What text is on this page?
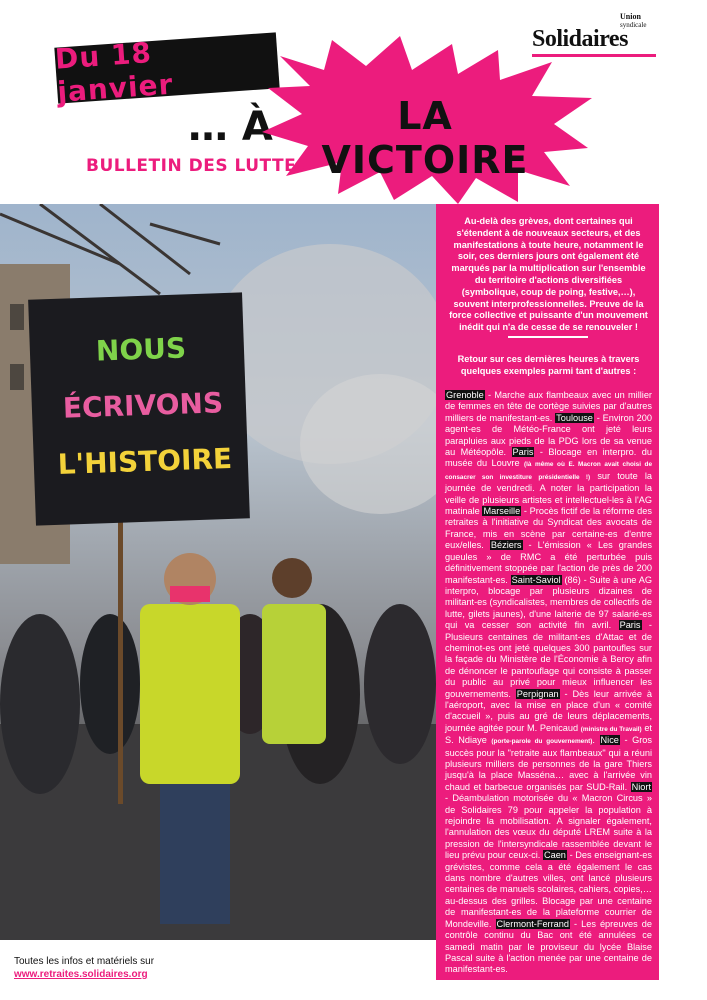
Du 18 janvier
… À	LA VICTOIRE
BULLETIN DES LUTTES
Union
syndicale
Solidaires
NOUS
ÉCRIVONS
L'HISTOIRE
Toutes les infos et matériels sur
www.retraites.solidaires.org
Au-delà des grèves, dont certaines qui s'étendent à de nouveaux secteurs, et des manifestations à toute heure, notamment le soir, ces derniers jours ont également été marqués par la multiplication sur l'ensemble du territoire d'actions diversifiées (symbolique, coup de poing, festive,…), souvent interprofessionnelles. Preuve de la force collective et puissante d'un mouvement inédit qui n'a de cesse de se renouveler !
Retour sur ces dernières heures à travers quelques exemples parmi tant d'autres :
Grenoble - Marche aux flambeaux avec un millier de femmes en tête de cortège suivies par d'autres milliers de manifestant-es. Toulouse - Environ 200 agent-es de Météo-France ont jeté leurs parapluies aux pieds de la PDG lors de sa venue au Météopôle. Paris - Blocage en interpro. du musée du Louvre (là même où E. Macron avait choisi de consacrer son investiture présidentielle !) sur toute la journée de vendredi. A noter la participation la veille de plusieurs artistes et intellectuel-les à l'AG matinale Marseille - Procès fictif de la réforme des retraites à l'initiative du Syndicat des avocats de France, mis en scène par certaine-es d'entre eux/elles. Béziers - L'émission « Les grandes gueules » de RMC a été perturbée puis définitivement stoppée par l'action de près de 200 manifestant-es. Saint-Saviol (86) - Suite à une AG interpro, blocage par plusieurs dizaines de militant-es (syndicalistes, membres de collectifs de lutte, gilets jaunes), d'une laiterie de 97 salarié-es qui va cesser son activité fin avril. Paris - Plusieurs centaines de militant-es d'Attac et de cheminot-es ont jeté quelques 300 pantoufles sur la façade du Ministère de l'Économie à Bercy afin de dénoncer le pantouflage qui consiste à passer du public au privé pour mieux influencer les gouvernements. Perpignan - Dès leur arrivée à l'aéroport, avec la mise en place d'un « comité d'accueil », puis au gré de leurs déplacements, journée agitée pour M. Penicaud (ministre du Travail) et S. Ndiaye (porte-parole du gouvernement). Nice - Gros succès pour la "retraite aux flambeaux" qui a réuni plusieurs milliers de personnes de la gare Thiers jusqu'à la place Masséna… avec à l'arrivée vin chaud et barbecue organisés par SUD-Rail. Niort - Déambulation motorisée du « Macron Circus » de Solidaires 79 pour appeler la population à rejoindre la mobilisation. A signaler également, l'annulation des vœux du député LREM suite à la pression de l'intersyndicale rassemblée devant le lieu prévu pour ceux-ci. Caen - Des enseignant-es grévistes, comme cela a été également le cas dans nombre d'autres villes, ont lancé plusieurs centaines de manuels scolaires, cahiers, copies,… au-dessus des grilles. Blocage par une centaine de manifestant-es de la plateforme courrier de Mondeville. Clermont-Ferrand - Les épreuves de contrôle continu du Bac ont été annulées ce samedi matin par le proviseur du lycée Blaise Pascal suite à l'action menée par une centaine de manifestant-es.
